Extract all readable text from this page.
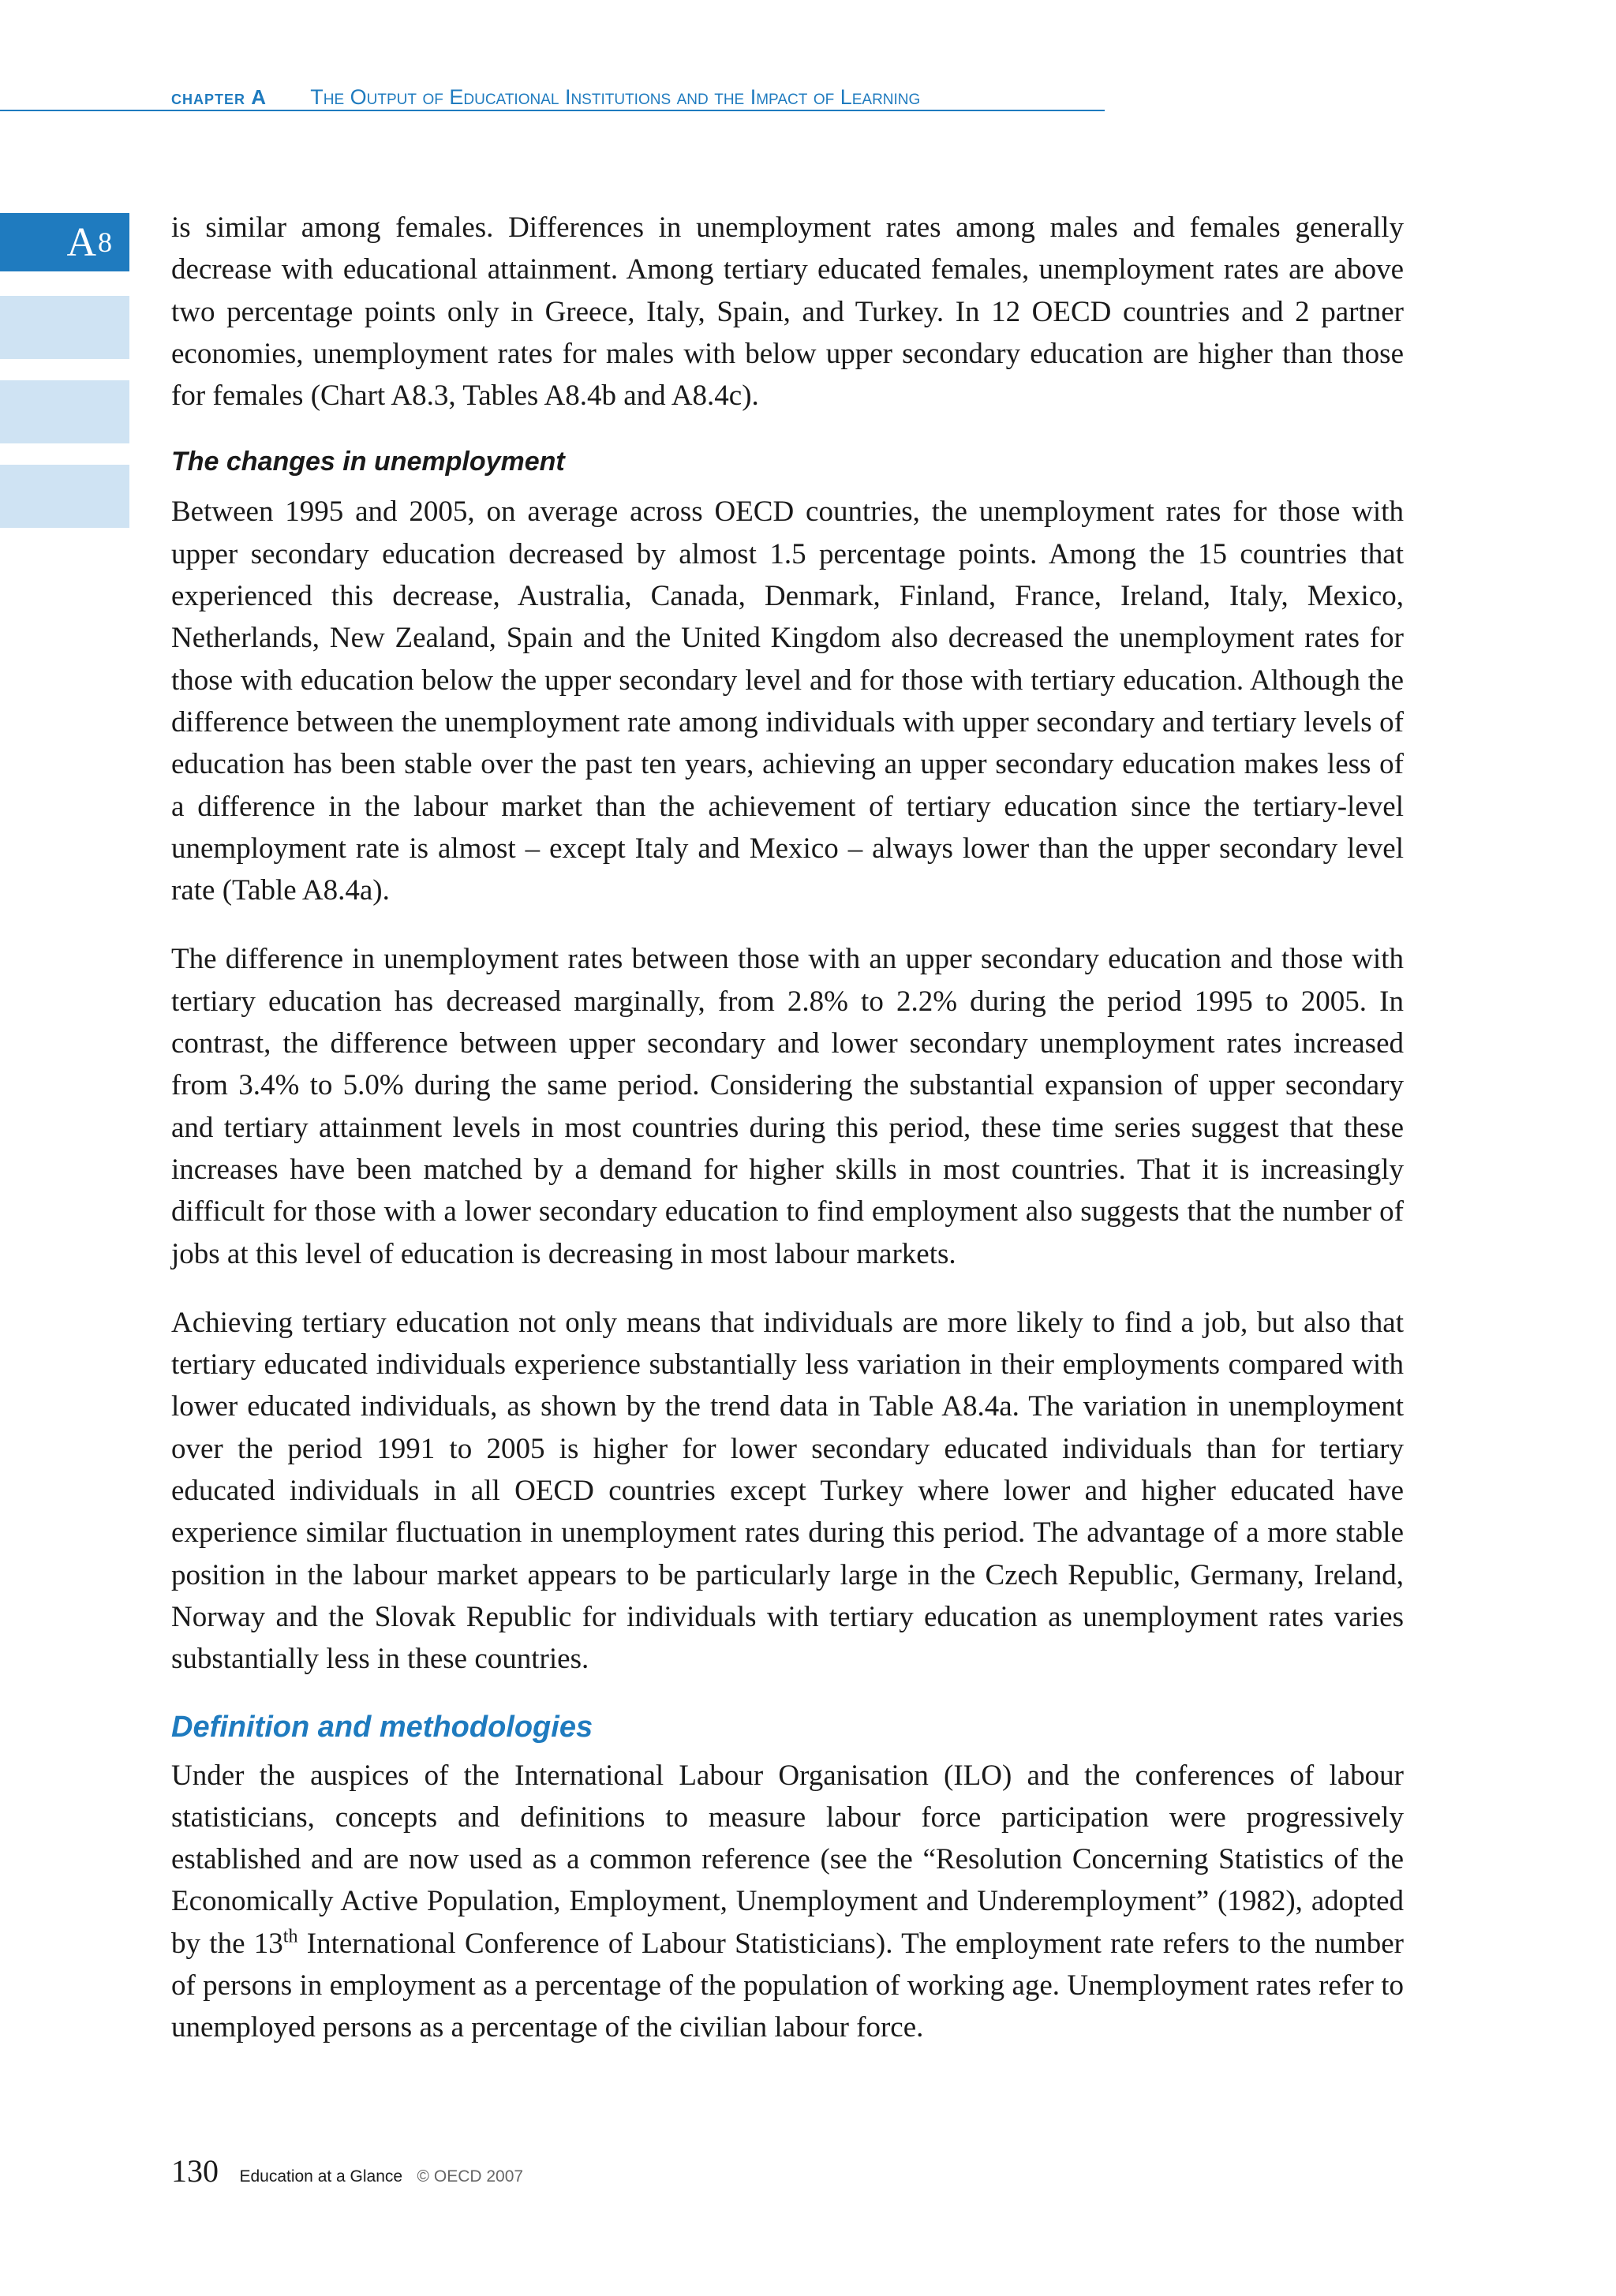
chapter A The Output of Educational Institutions and the Impact of Learning
A 8 is similar among females. Differences in unemployment rates among males and females generally decrease with educational attainment. Among tertiary educated females, unemployment rates are above two percentage points only in Greece, Italy, Spain, and Turkey. In 12 OECD countries and 2 partner economies, unemployment rates for males with below upper secondary education are higher than those for females (Chart A8.3, Tables A8.4b and A8.4c).

The changes in unemployment

Between 1995 and 2005, on average across OECD countries, the unemployment rates for those with upper secondary education decreased by almost 1.5 percentage points. Among the 15 countries that experienced this decrease, Australia, Canada, Denmark, Finland, France, Ireland, Italy, Mexico, Netherlands, New Zealand, Spain and the United Kingdom also decreased the unemployment rates for those with education below the upper secondary level and for those with tertiary education. Although the difference between the unemployment rate among individuals with upper secondary and tertiary levels of education has been stable over the past ten years, achieving an upper secondary education makes less of a difference in the labour market than the achievement of tertiary education since the tertiary-level unemployment rate is almost – except Italy and Mexico – always lower than the upper secondary level rate (Table A8.4a).

The difference in unemployment rates between those with an upper secondary education and those with tertiary education has decreased marginally, from 2.8% to 2.2% during the period 1995 to 2005. In contrast, the difference between upper secondary and lower secondary unemployment rates increased from 3.4% to 5.0% during the same period. Considering the substantial expansion of upper secondary and tertiary attainment levels in most countries during this period, these time series suggest that these increases have been matched by a demand for higher skills in most countries. That it is increasingly difficult for those with a lower secondary education to find employment also suggests that the number of jobs at this level of education is decreasing in most labour markets.

Achieving tertiary education not only means that individuals are more likely to find a job, but also that tertiary educated individuals experience substantially less variation in their employments compared with lower educated individuals, as shown by the trend data in Table A8.4a. The variation in unemployment over the period 1991 to 2005 is higher for lower secondary educated individuals than for tertiary educated individuals in all OECD countries except Turkey where lower and higher educated have experience similar fluctuation in unemployment rates during this period. The advantage of a more stable position in the labour market appears to be particularly large in the Czech Republic, Germany, Ireland, Norway and the Slovak Republic for individuals with tertiary education as unemployment rates varies substantially less in these countries.

Definition and methodologies

Under the auspices of the International Labour Organisation (ILO) and the conferences of labour statisticians, concepts and definitions to measure labour force participation were progressively established and are now used as a common reference (see the “Resolution Concerning Statistics of the Economically Active Population, Employment, Unemployment and Underemployment” (1982), adopted by the 13th International Conference of Labour Statisticians). The employment rate refers to the number of persons in employment as a percentage of the population of working age. Unemployment rates refer to unemployed persons as a percentage of the civilian labour force.

130 Education at a Glance © OECD 2007
